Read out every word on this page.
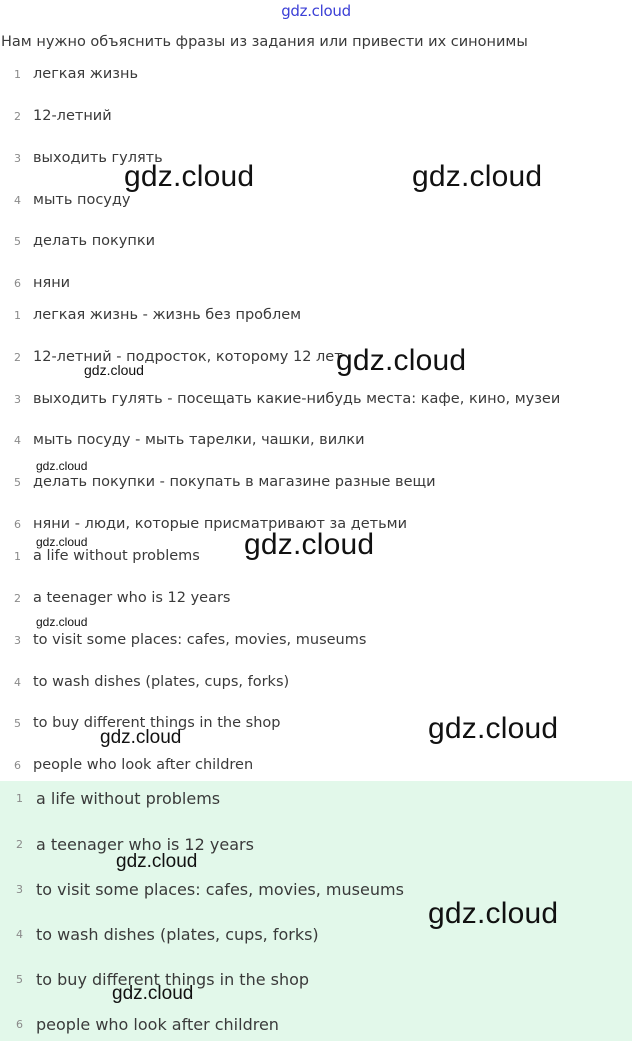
gdz.cloud
Нам нужно объяснить фразы из задания или привести их синонимы
1 легкая жизнь
2 12-летний
3 выходить гулять
4 мыть посуду
5 делать покупки
6 няни
1 легкая жизнь - жизнь без проблем
2 12-летний - подросток, которому 12 лет
3 выходить гулять - посещать какие-нибудь места: кафе, кино, музеи
4 мыть посуду - мыть тарелки, чашки, вилки
5 делать покупки - покупать в магазине разные вещи
6 няни - люди, которые присматривают за детьми
1 a life without problems
2 a teenager who is 12 years
3 to visit some places: cafes, movies, museums
4 to wash dishes (plates, cups, forks)
5 to buy different things in the shop
6 people who look after children
1 a life without problems
2 a teenager who is 12 years
3 to visit some places: cafes, movies, museums
4 to wash dishes (plates, cups, forks)
5 to buy different things in the shop
6 people who look after children
gdz.cloud	gdz.cloud
gdz.cloud
gdz.cloud
gdz.cloud
gdz.cloud	gdz.cloud
gdz.cloud
gdz.cloud
gdz.cloud
gdz.cloud
gdz.cloud
gdz.cloud
